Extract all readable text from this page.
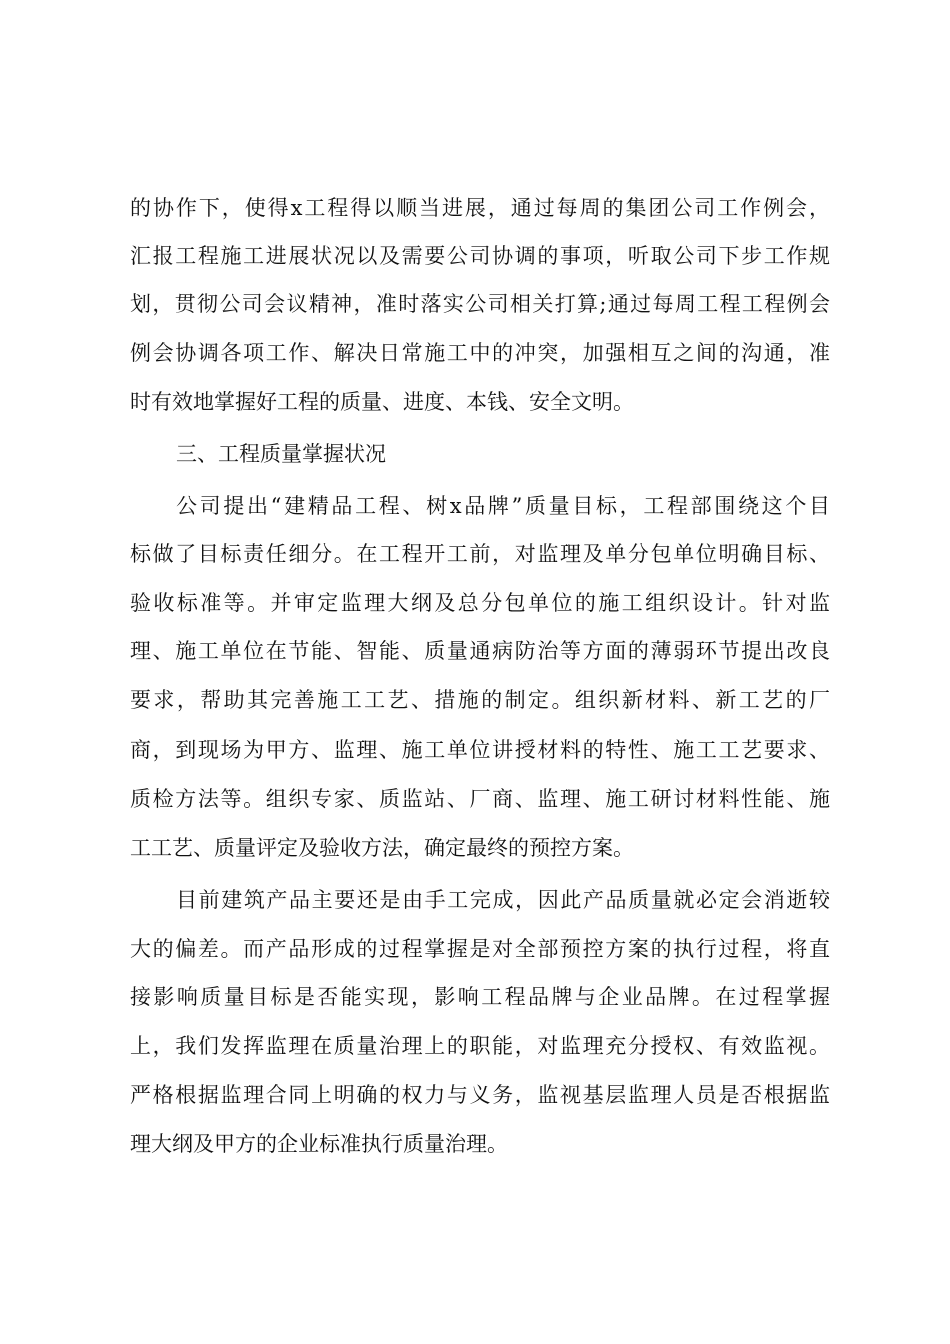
的协作下，使得x工程得以顺当进展，通过每周的集团公司工作例会，
汇报工程施工进展状况以及需要公司协调的事项，听取公司下步工作规
划，贯彻公司会议精神，准时落实公司相关打算;通过每周工程工程例会
例会协调各项工作、解决日常施工中的冲突，加强相互之间的沟通，准
时有效地掌握好工程的质量、进度、本钱、安全文明。
三、工程质量掌握状况
公司提出“建精品工程、树x品牌”质量目标，工程部围绕这个目
标做了目标责任细分。在工程开工前，对监理及单分包单位明确目标、
验收标准等。并审定监理大纲及总分包单位的施工组织设计。针对监
理、施工单位在节能、智能、质量通病防治等方面的薄弱环节提出改良
要求，帮助其完善施工工艺、措施的制定。组织新材料、新工艺的厂
商，到现场为甲方、监理、施工单位讲授材料的特性、施工工艺要求、
质检方法等。组织专家、质监站、厂商、监理、施工研讨材料性能、施
工工艺、质量评定及验收方法，确定最终的预控方案。
目前建筑产品主要还是由手工完成，因此产品质量就必定会消逝较
大的偏差。而产品形成的过程掌握是对全部预控方案的执行过程，将直
接影响质量目标是否能实现，影响工程品牌与企业品牌。在过程掌握
上，我们发挥监理在质量治理上的职能，对监理充分授权、有效监视。
严格根据监理合同上明确的权力与义务，监视基层监理人员是否根据监
理大纲及甲方的企业标准执行质量治理。
